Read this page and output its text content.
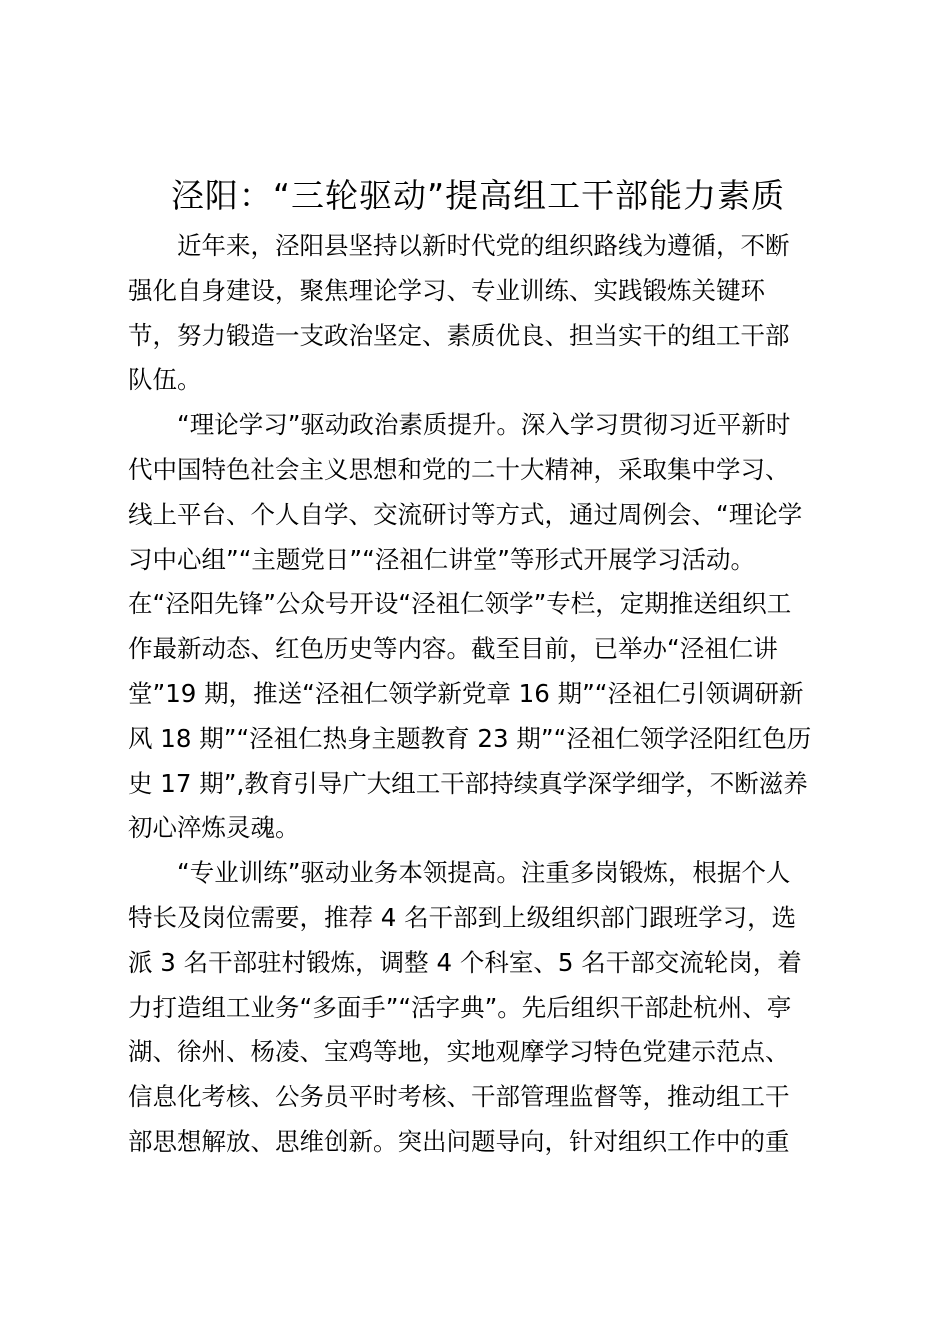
泾阳：“三轮驱动”提高组工干部能力素质

近年来，泾阳县坚持以新时代党的组织路线为遵循，不断
强化自身建设，聚焦理论学习、专业训练、实践锻炼关键环
节，努力锻造一支政治坚定、素质优良、担当实干的组工干部
队伍。

“理论学习”驱动政治素质提升。深入学习贯彻习近平新时
代中国特色社会主义思想和党的二十大精神，采取集中学习、
线上平台、个人自学、交流研讨等方式，通过周例会、“理论学
习中心组”“主题党日”“泾祖仁讲堂”等形式开展学习活动。
在“泾阳先锋”公众号开设“泾祖仁领学”专栏，定期推送组织工
作最新动态、红色历史等内容。截至目前，已举办“泾祖仁讲
堂”19 期，推送“泾祖仁领学新党章 16 期”“泾祖仁引领调研新
风 18 期”“泾祖仁热身主题教育 23 期”“泾祖仁领学泾阳红色历
史 17 期”,教育引导广大组工干部持续真学深学细学，不断滋养
初心淬炼灵魂。

“专业训练”驱动业务本领提高。注重多岗锻炼，根据个人
特长及岗位需要，推荐 4 名干部到上级组织部门跟班学习，选
派 3 名干部驻村锻炼，调整 4 个科室、5 名干部交流轮岗，着
力打造组工业务“多面手”“活字典”。先后组织干部赴杭州、亭
湖、徐州、杨凌、宝鸡等地，实地观摩学习特色党建示范点、
信息化考核、公务员平时考核、干部管理监督等，推动组工干
部思想解放、思维创新。突出问题导向，针对组织工作中的重
